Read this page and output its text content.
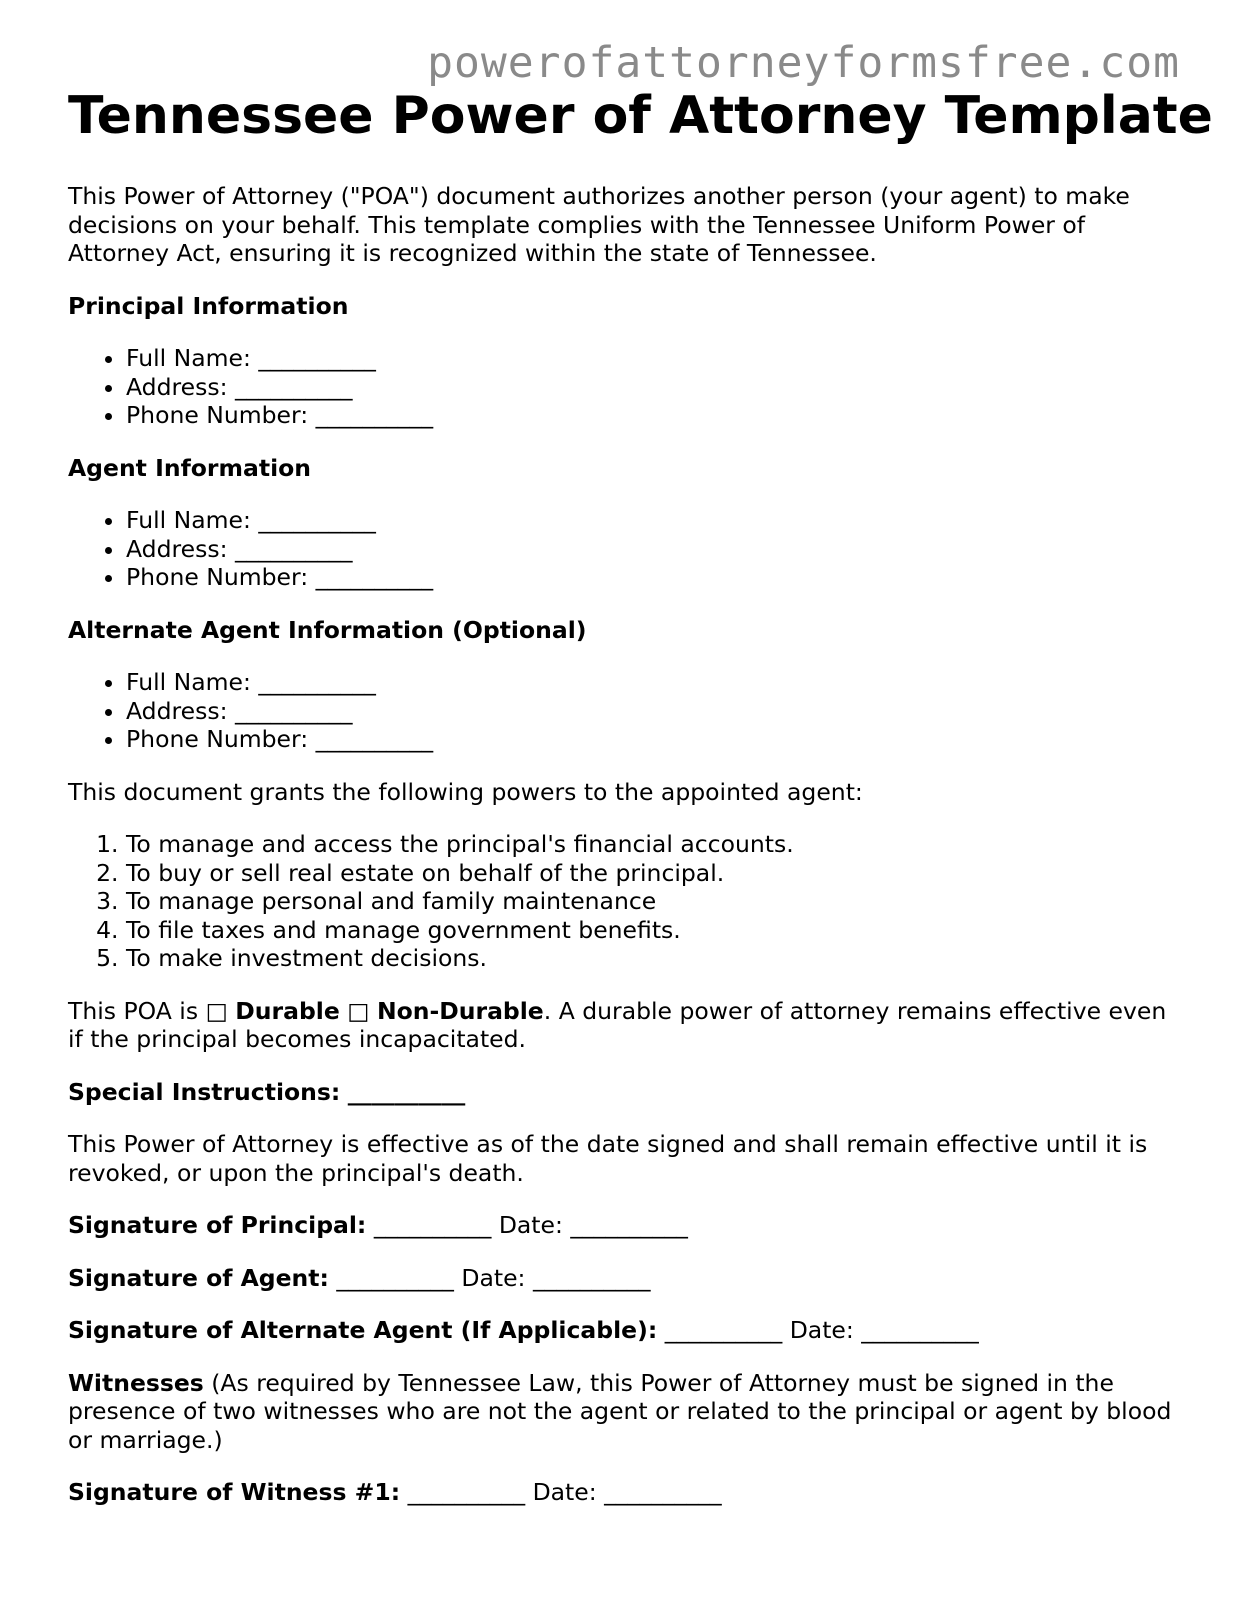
powerofattorneyformsfree.com
Tennessee Power of Attorney Template

This Power of Attorney ("POA") document authorizes another person (your agent) to make decisions on your behalf. This template complies with the Tennessee Uniform Power of Attorney Act, ensuring it is recognized within the state of Tennessee.

Principal Information
• Full Name: __________
• Address: __________
• Phone Number: __________
Agent Information
• Full Name: __________
• Address: __________
• Phone Number: __________
Alternate Agent Information (Optional)
• Full Name: __________
• Address: __________
• Phone Number: __________

This document grants the following powers to the appointed agent:

1. To manage and access the principal's financial accounts.
2. To buy or sell real estate on behalf of the principal.
3. To manage personal and family maintenance
4. To file taxes and manage government benefits.
5. To make investment decisions.

This POA is □ Durable □ Non-Durable. A durable power of attorney remains effective even if the principal becomes incapacitated.

Special Instructions: __________

This Power of Attorney is effective as of the date signed and shall remain effective until it is revoked, or upon the principal's death.

Signature of Principal: __________ Date: __________

Signature of Agent: __________ Date: __________

Signature of Alternate Agent (If Applicable): __________ Date: __________

Witnesses (As required by Tennessee Law, this Power of Attorney must be signed in the presence of two witnesses who are not the agent or related to the principal or agent by blood or marriage.)

Signature of Witness #1: __________ Date: __________
